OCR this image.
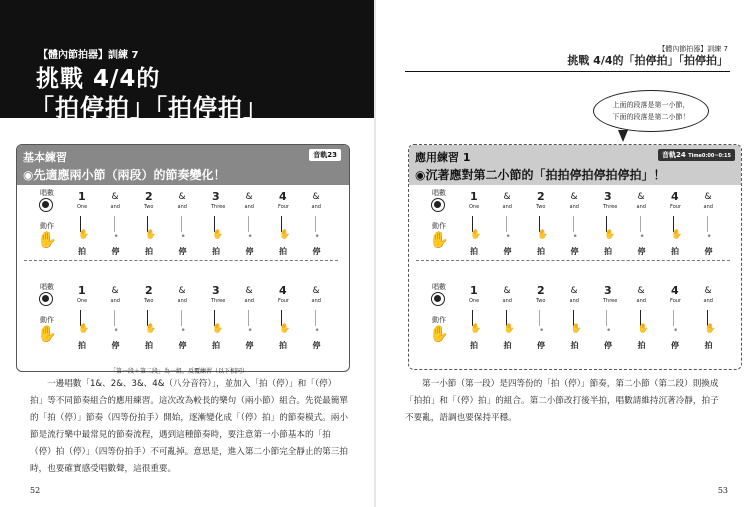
【體內節拍器】訓練 7
挑戰 4/4的
「拍停拍」「拍停拍」
基本練習
◉先適應兩小節（兩段）的節奏變化！
音軌23
「第一段＋第二段」為一組，反覆練習（以下相同）
一邊唱數「1&、2&、3&、4&（八分音符）」，並加入「拍（停）」和「（停）拍」等不同節奏組合的應用練習。這次改為較長的樂句（兩小節）組合。先從最簡單的「拍（停）」節奏（四等份拍手）開始，逐漸變化成「（停）拍」的節奏模式。兩小節是流行樂中最常見的節奏流程，遇到這種節奏時，要注意第一小節基本的「拍（停）拍（停）」（四等份拍手）不可亂掉。意思是，進入第二小節完全靜止的第三拍時，也要確實感受唱數聲，這很重要。
52
唱數
動作
✋
1
One
✋
拍
&
and
•
停
2
Two
✋
拍
&
and
•
停
3
Three
✋
拍
&
and
•
停
4
Four
✋
拍
&
and
•
停
唱數
動作
✋
1
One
✋
拍
&
and
•
停
2
Two
✋
拍
&
and
•
停
3
Three
✋
拍
&
and
•
停
4
Four
✋
拍
&
and
•
停
【體內節拍器】訓練 7
挑戰 4/4的「拍停拍」「拍停拍」
應用練習 1
◉沉著應對第二小節的「拍拍停拍停拍停拍」！
音軌24 Time0:00~0:15
第一小節（第一段）是四等份的「拍（停）」節奏，第二小節（第二段）則換成「拍拍」和「（停）拍」的組合。第二小節改打後半拍，唱數請維持沉著冷靜，拍子不要亂，語調也要保持平穩。
53
唱數
動作
✋
1
One
✋
拍
&
and
•
停
2
Two
✋
拍
&
and
•
停
3
Three
✋
拍
&
and
•
停
4
Four
✋
拍
&
and
•
停
唱數
動作
✋
1
One
✋
拍
&
and
✋
拍
2
Two
•
停
&
and
✋
拍
3
Three
•
停
&
and
✋
拍
4
Four
•
停
&
and
✋
拍
上面的段落是第一小節，
下面的段落是第二小節！
